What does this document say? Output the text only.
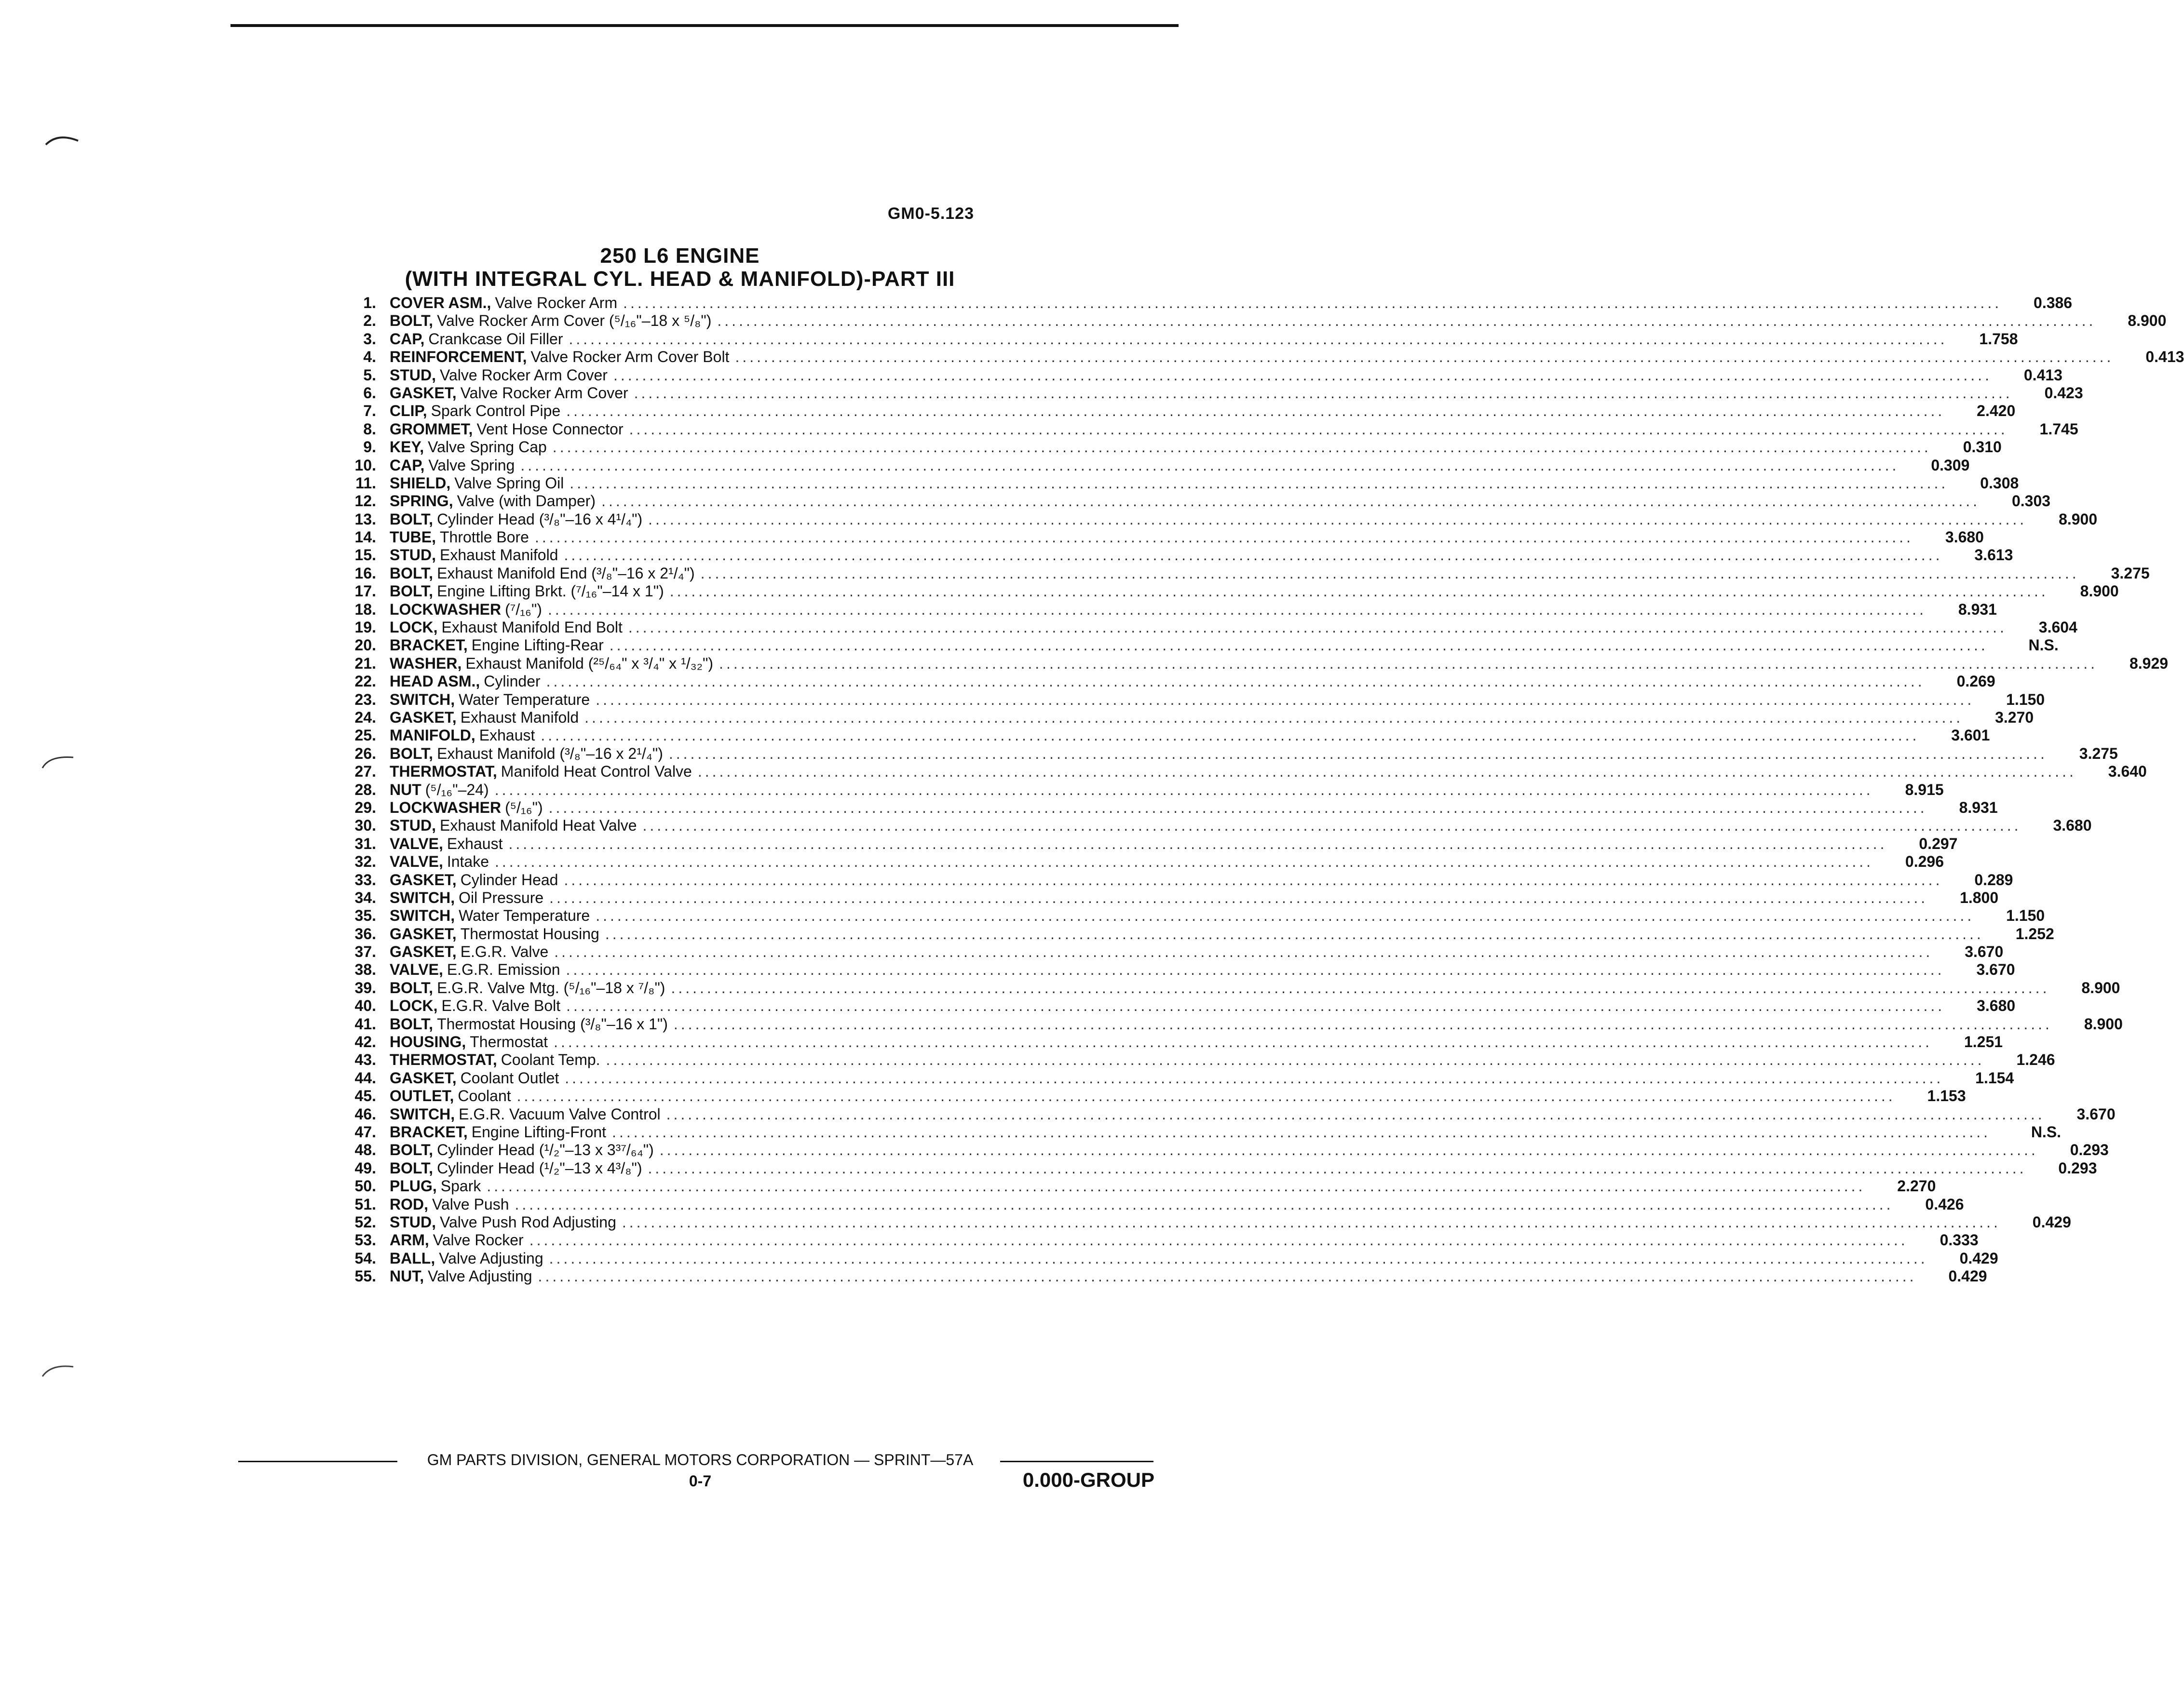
GM0-5.123
250 L6 ENGINE
(WITH INTEGRAL CYL. HEAD & MANIFOLD)-PART III
1. COVER ASM., Valve Rocker Arm .....	0.386
2. BOLT, Valve Rocker Arm Cover (⁵/₁₆"–18 x ⁵/₈") .....	8.900
3. CAP, Crankcase Oil Filler .....	1.758
4. REINFORCEMENT, Valve Rocker Arm Cover Bolt .....	0.413
5. STUD, Valve Rocker Arm Cover .....	0.413
6. GASKET, Valve Rocker Arm Cover .....	0.423
7. CLIP, Spark Control Pipe .....	2.420
8. GROMMET, Vent Hose Connector .....	1.745
9. KEY, Valve Spring Cap .....	0.310
10. CAP, Valve Spring .....	0.309
11. SHIELD, Valve Spring Oil .....	0.308
12. SPRING, Valve (with Damper) .....	0.303
13. BOLT, Cylinder Head (³/₈"–16 x 4¹/₄") .....	8.900
14. TUBE, Throttle Bore .....	3.680
15. STUD, Exhaust Manifold .....	3.613
16. BOLT, Exhaust Manifold End (³/₈"–16 x 2¹/₄") .....	3.275
17. BOLT, Engine Lifting Brkt. (⁷/₁₆"–14 x 1") .....	8.900
18. LOCKWASHER (⁷/₁₆") .....	8.931
19. LOCK, Exhaust Manifold End Bolt .....	3.604
20. BRACKET, Engine Lifting-Rear .....	N.S.
21. WASHER, Exhaust Manifold (²⁵/₆₄" x ³/₄" x ¹/₃₂") .....	8.929
22. HEAD ASM., Cylinder .....	0.269
23. SWITCH, Water Temperature .....	1.150
24. GASKET, Exhaust Manifold .....	3.270
25. MANIFOLD, Exhaust .....	3.601
26. BOLT, Exhaust Manifold (³/₈"–16 x 2¹/₄") .....	3.275
27. THERMOSTAT, Manifold Heat Control Valve .....	3.640
28. NUT (⁵/₁₆"–24) .....	8.915
29. LOCKWASHER (⁵/₁₆") .....	8.931
30. STUD, Exhaust Manifold Heat Valve .....	3.680
31. VALVE, Exhaust .....	0.297
32. VALVE, Intake .....	0.296
33. GASKET, Cylinder Head .....	0.289
34. SWITCH, Oil Pressure .....	1.800
35. SWITCH, Water Temperature .....	1.150
36. GASKET, Thermostat Housing .....	1.252
37. GASKET, E.G.R. Valve .....	3.670
38. VALVE, E.G.R. Emission .....	3.670
39. BOLT, E.G.R. Valve Mtg. (⁵/₁₆"–18 x ⁷/₈") .....	8.900
40. LOCK, E.G.R. Valve Bolt .....	3.680
41. BOLT, Thermostat Housing (³/₈"–16 x 1") .....	8.900
42. HOUSING, Thermostat .....	1.251
43. THERMOSTAT, Coolant Temp. .....	1.246
44. GASKET, Coolant Outlet .....	1.154
45. OUTLET, Coolant .....	1.153
46. SWITCH, E.G.R. Vacuum Valve Control .....	3.670
47. BRACKET, Engine Lifting-Front .....	N.S.
48. BOLT, Cylinder Head (¹/₂"–13 x 3³⁷/₆₄") .....	0.293
49. BOLT, Cylinder Head (¹/₂"–13 x 4³/₈") .....	0.293
50. PLUG, Spark .....	2.270
51. ROD, Valve Push .....	0.426
52. STUD, Valve Push Rod Adjusting .....	0.429
53. ARM, Valve Rocker .....	0.333
54. BALL, Valve Adjusting .....	0.429
55. NUT, Valve Adjusting .....	0.429
GM PARTS DIVISION, GENERAL MOTORS CORPORATION — SPRINT—57A
0-7	0.000-GROUP
